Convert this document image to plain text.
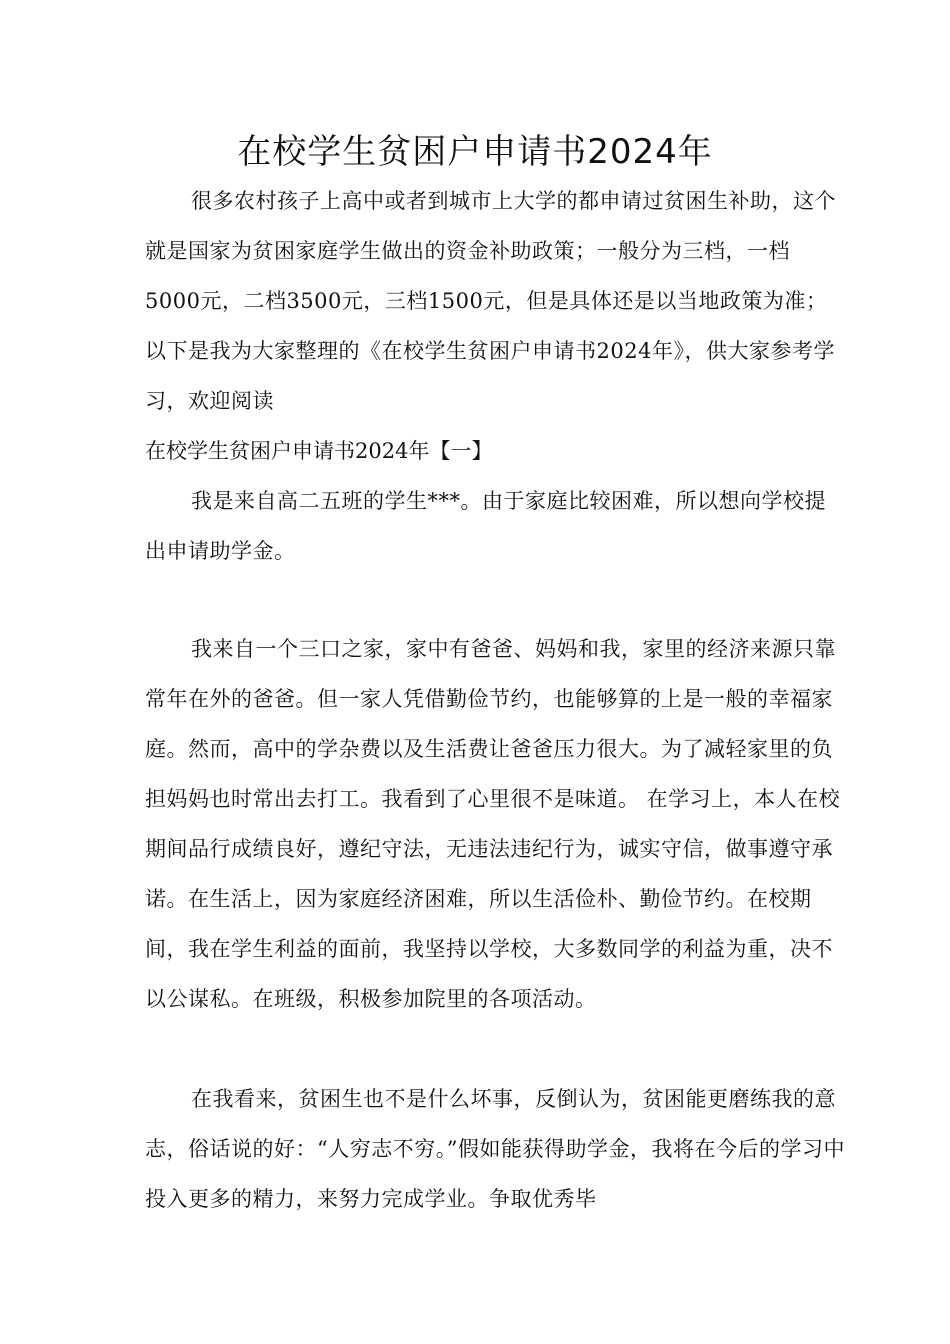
在校学生贫困户申请书2024年

很多农村孩子上高中或者到城市上大学的都申请过贫困生补助，这个就是国家为贫困家庭学生做出的资金补助政策；一般分为三档，一档5000元，二档3500元，三档1500元，但是具体还是以当地政策为准；以下是我为大家整理的《在校学生贫困户申请书2024年》，供大家参考学习，欢迎阅读

在校学生贫困户申请书2024年【一】

我是来自高二五班的学生***。由于家庭比较困难，所以想向学校提出申请助学金。

我来自一个三口之家，家中有爸爸、妈妈和我，家里的经济来源只靠常年在外的爸爸。但一家人凭借勤俭节约，也能够算的上是一般的幸福家庭。然而，高中的学杂费以及生活费让爸爸压力很大。为了减轻家里的负担妈妈也时常出去打工。我看到了心里很不是味道。 在学习上，本人在校期间品行成绩良好，遵纪守法，无违法违纪行为，诚实守信，做事遵守承诺。在生活上，因为家庭经济困难，所以生活俭朴、勤俭节约。在校期间，我在学生利益的面前，我坚持以学校，大多数同学的利益为重，决不以公谋私。在班级，积极参加院里的各项活动。

在我看来，贫困生也不是什么坏事，反倒认为，贫困能更磨练我的意志，俗话说的好：“人穷志不穷。”假如能获得助学金，我将在今后的学习中投入更多的精力，来努力完成学业。争取优秀毕
